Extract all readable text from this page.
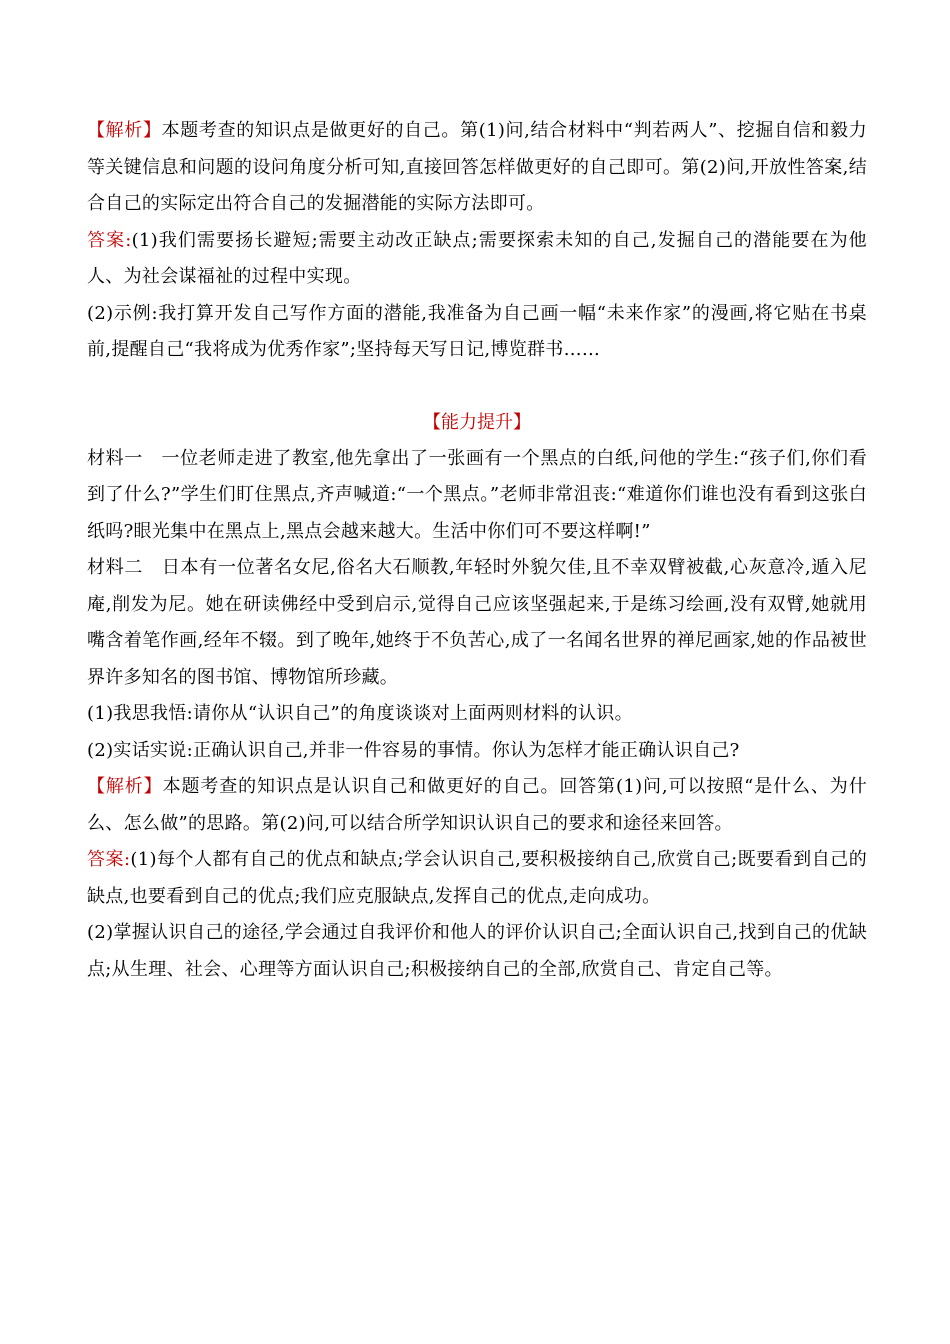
【解析】本题考查的知识点是做更好的自己。第(1)问,结合材料中“判若两人”、挖掘自信和毅力等关键信息和问题的设问角度分析可知,直接回答怎样做更好的自己即可。第(2)问,开放性答案,结合自己的实际定出符合自己的发掘潜能的实际方法即可。

答案:(1)我们需要扬长避短;需要主动改正缺点;需要探索未知的自己,发掘自己的潜能要在为他人、为社会谋福祉的过程中实现。

(2)示例:我打算开发自己写作方面的潜能,我准备为自己画一幅“未来作家”的漫画,将它贴在书桌前,提醒自己“我将成为优秀作家”;坚持每天写日记,博览群书……

【能力提升】

材料一　一位老师走进了教室,他先拿出了一张画有一个黑点的白纸,问他的学生:“孩子们,你们看到了什么?”学生们盯住黑点,齐声喊道:“一个黑点。”老师非常沮丧:“难道你们谁也没有看到这张白纸吗?眼光集中在黑点上,黑点会越来越大。生活中你们可不要这样啊!”

材料二　日本有一位著名女尼,俗名大石顺教,年轻时外貌欠佳,且不幸双臂被截,心灰意冷,遁入尼庵,削发为尼。她在研读佛经中受到启示,觉得自己应该坚强起来,于是练习绘画,没有双臂,她就用嘴含着笔作画,经年不辍。到了晚年,她终于不负苦心,成了一名闻名世界的禅尼画家,她的作品被世界许多知名的图书馆、博物馆所珍藏。

(1)我思我悟:请你从“认识自己”的角度谈谈对上面两则材料的认识。

(2)实话实说:正确认识自己,并非一件容易的事情。你认为怎样才能正确认识自己?

【解析】本题考查的知识点是认识自己和做更好的自己。回答第(1)问,可以按照“是什么、为什么、怎么做”的思路。第(2)问,可以结合所学知识认识自己的要求和途径来回答。

答案:(1)每个人都有自己的优点和缺点;学会认识自己,要积极接纳自己,欣赏自己;既要看到自己的缺点,也要看到自己的优点;我们应克服缺点,发挥自己的优点,走向成功。

(2)掌握认识自己的途径,学会通过自我评价和他人的评价认识自己;全面认识自己,找到自己的优缺点;从生理、社会、心理等方面认识自己;积极接纳自己的全部,欣赏自己、肯定自己等。
